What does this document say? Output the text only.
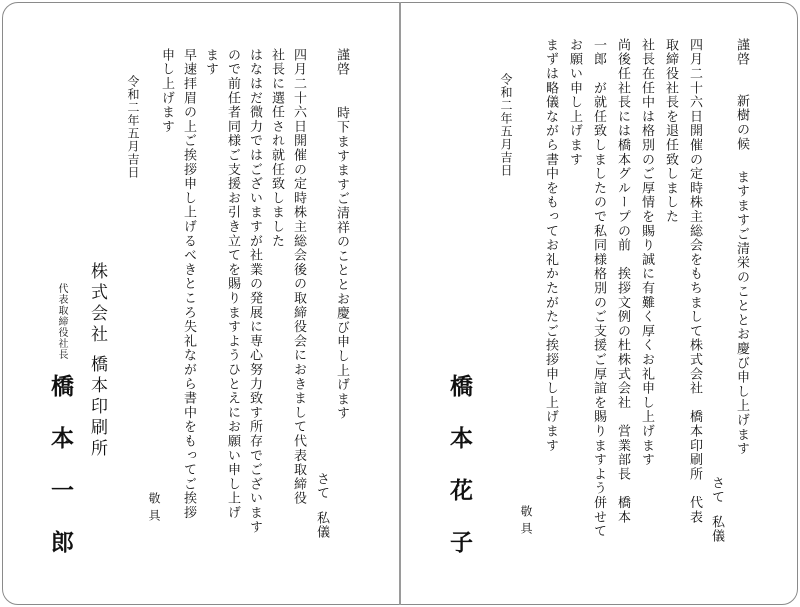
謹啓
新樹の候
ますますご清栄のこととお慶び申し上げます
さて
私儀
四月二十六日開催の定時株主総会をもちまして株式会社　橋本印刷所　代表
取締役社長を退任致しました
社長在任中は格別のご厚情を賜り誠に有難く厚くお礼申し上げます
尚後任社長には橋本グループの前　挨拶文例の杜株式会社　営業部長　橋本
一郎　が就任致しましたので私同様格別のご支援ご厚誼を賜りますよう併せて
お願い申し上げます
まずは略儀ながら書中をもってお礼かたがたご挨拶申し上げます
令和二年五月吉日
橋本花子	敬具
謹啓
時下ますますご清祥のこととお慶び申し上げます
さて
私儀
四月二十六日開催の定時株主総会後の取締役会におきまして代表取締役
社長に選任され就任致しました
はなはだ微力ではございますが社業の発展に専心努力致す所存でございます
ので前任者同様ご支援お引き立てを賜りますようひとえにお願い申し上げ
ます
早速拝眉の上ご挨拶申し上げるべきところ失礼ながら書中をもってご挨拶
申し上げます
令和二年五月吉日
株式会社
橋本印刷所
代表取締役社長
橋本一郎	敬具
